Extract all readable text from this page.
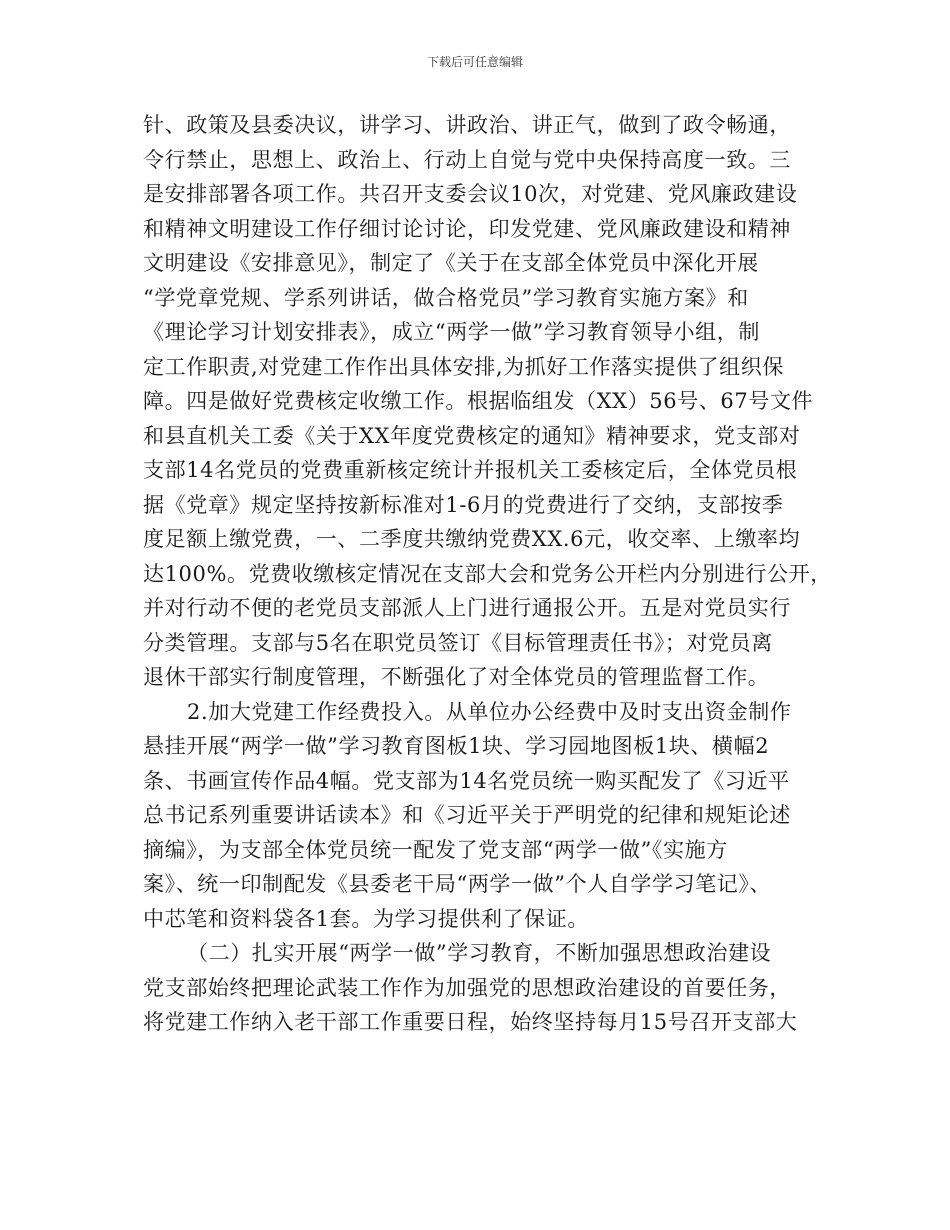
下载后可任意编辑
针、政策及县委决议，讲学习、讲政治、讲正气，做到了政令畅通，
令行禁止，思想上、政治上、行动上自觉与党中央保持高度一致。三
是安排部署各项工作。共召开支委会议10次，对党建、党风廉政建设
和精神文明建设工作仔细讨论讨论，印发党建、党风廉政建设和精神
文明建设《安排意见》，制定了《关于在支部全体党员中深化开展
“学党章党规、学系列讲话，做合格党员”学习教育实施方案》和
《理论学习计划安排表》，成立“两学一做”学习教育领导小组，制
定工作职责,对党建工作作出具体安排,为抓好工作落实提供了组织保
障。四是做好党费核定收缴工作。根据临组发（XX）56号、67号文件
和县直机关工委《关于XX年度党费核定的通知》精神要求，党支部对
支部14名党员的党费重新核定统计并报机关工委核定后，全体党员根
据《党章》规定坚持按新标准对1-6月的党费进行了交纳，支部按季
度足额上缴党费，一、二季度共缴纳党费XX.6元，收交率、上缴率均
达100%。党费收缴核定情况在支部大会和党务公开栏内分别进行公开，
并对行动不便的老党员支部派人上门进行通报公开。五是对党员实行
分类管理。支部与5名在职党员签订《目标管理责任书》；对党员离
退休干部实行制度管理，不断强化了对全体党员的管理监督工作。
2.加大党建工作经费投入。从单位办公经费中及时支出资金制作
悬挂开展“两学一做”学习教育图板1块、学习园地图板1块、横幅2
条、书画宣传作品4幅。党支部为14名党员统一购买配发了《习近平
总书记系列重要讲话读本》和《习近平关于严明党的纪律和规矩论述
摘编》，为支部全体党员统一配发了党支部“两学一做”《实施方
案》、统一印制配发《县委老干局“两学一做”个人自学学习笔记》、
中芯笔和资料袋各1套。为学习提供利了保证。
（二）扎实开展“两学一做”学习教育，不断加强思想政治建设
党支部始终把理论武装工作作为加强党的思想政治建设的首要任务，
将党建工作纳入老干部工作重要日程，始终坚持每月15号召开支部大
